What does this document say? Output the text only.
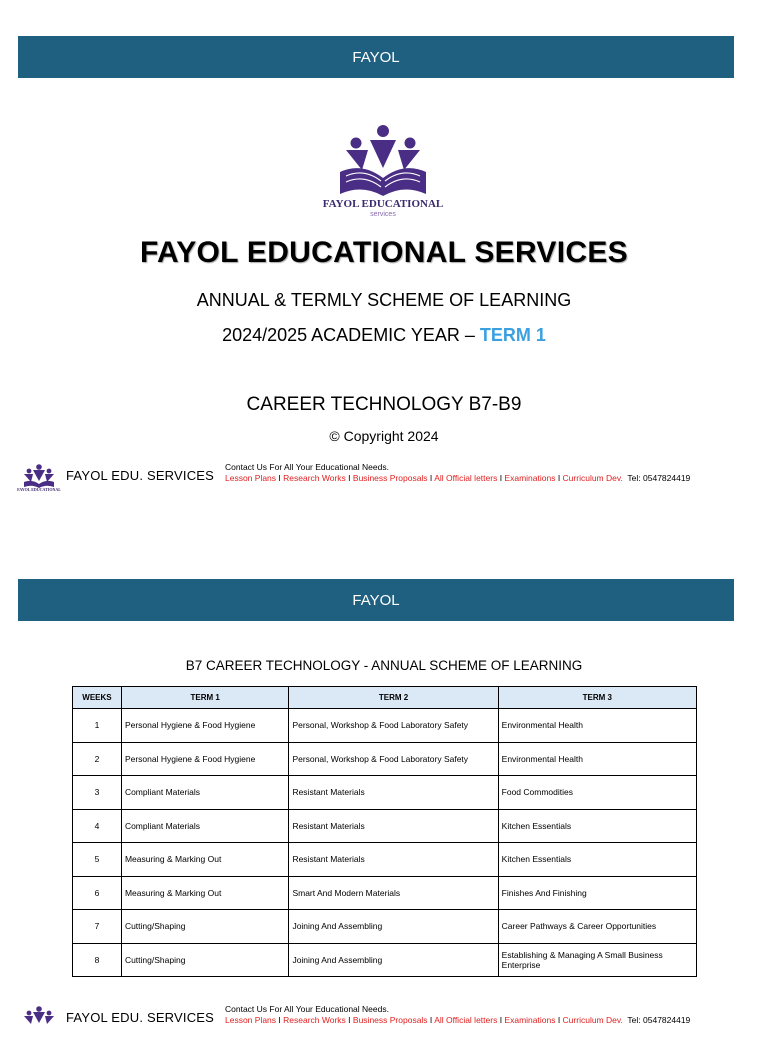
FAYOL
FAYOL EDUCATIONAL
services
FAYOL EDUCATIONAL SERVICES
ANNUAL & TERMLY SCHEME OF LEARNING
2024/2025 ACADEMIC YEAR – TERM 1
CAREER TECHNOLOGY B7-B9
© Copyright 2024
FAYOL EDUCATIONAL
FAYOL EDU. SERVICES
Contact Us For All Your Educational Needs.
Lesson Plans I Research Works I Business Proposals I All Official letters I Examinations I Curriculum Dev. Tel: 0547824419
FAYOL
B7 CAREER TECHNOLOGY - ANNUAL SCHEME OF LEARNING
WEEKS	TERM 1	TERM 2	TERM 3
1	Personal Hygiene & Food Hygiene	Personal, Workshop & Food Laboratory Safety	Environmental Health
2	Personal Hygiene & Food Hygiene	Personal, Workshop & Food Laboratory Safety	Environmental Health
3	Compliant Materials	Resistant Materials	Food Commodities
4	Compliant Materials	Resistant Materials	Kitchen Essentials
5	Measuring & Marking Out	Resistant Materials	Kitchen Essentials
6	Measuring & Marking Out	Smart And Modern Materials	Finishes And Finishing
7	Cutting/Shaping	Joining And Assembling	Career Pathways & Career Opportunities
8	Cutting/Shaping	Joining And Assembling	Establishing & Managing A Small Business Enterprise
FAYOL EDU. SERVICES
Contact Us For All Your Educational Needs.
Lesson Plans I Research Works I Business Proposals I All Official letters I Examinations I Curriculum Dev. Tel: 0547824419
